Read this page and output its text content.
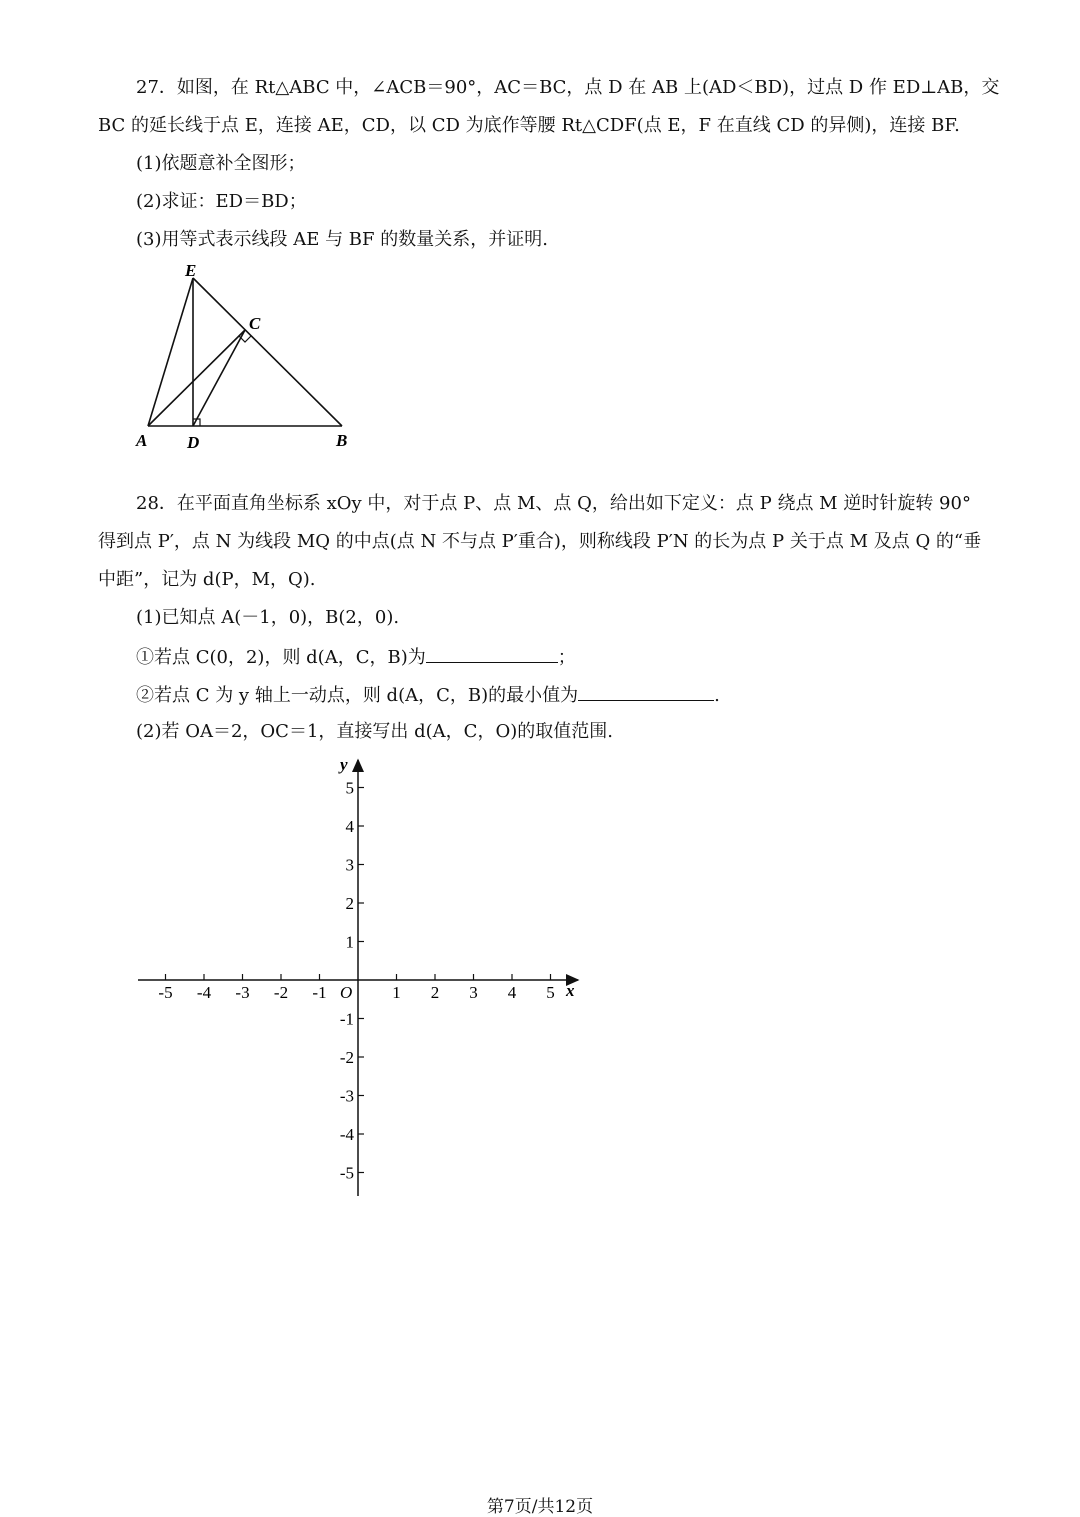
27．如图，在 Rt△ABC 中，∠ACB＝90°，AC＝BC，点 D 在 AB 上(AD＜BD)，过点 D 作 ED⊥AB，交
BC 的延长线于点 E，连接 AE，CD，以 CD 为底作等腰 Rt△CDF(点 E，F 在直线 CD 的异侧)，连接 BF.
(1)依题意补全图形；
(2)求证：ED＝BD；
(3)用等式表示线段 AE 与 BF 的数量关系，并证明.
E
C
A D	B
28．在平面直角坐标系 xOy 中，对于点 P、点 M、点 Q，给出如下定义：点 P 绕点 M 逆时针旋转 90°
得到点 P′，点 N 为线段 MQ 的中点(点 N 不与点 P′重合)，则称线段 P′N 的长为点 P 关于点 M 及点 Q 的“垂
中距”，记为 d(P，M，Q).
(1)已知点 A(－1，0)，B(2，0).
①若点 C(0，2)，则 d(A，C，B)为	；
②若点 C 为 y 轴上一动点，则 d(A，C，B)的最小值为	.
(2)若 OA＝2，OC＝1，直接写出 d(A，C，O)的取值范围.
x
y
O
-5 -4 -3 -2 -1	1 2 3 4 5
5
4
3
2
1
-1
-2
-3
-4
-5
第7页/共12页
